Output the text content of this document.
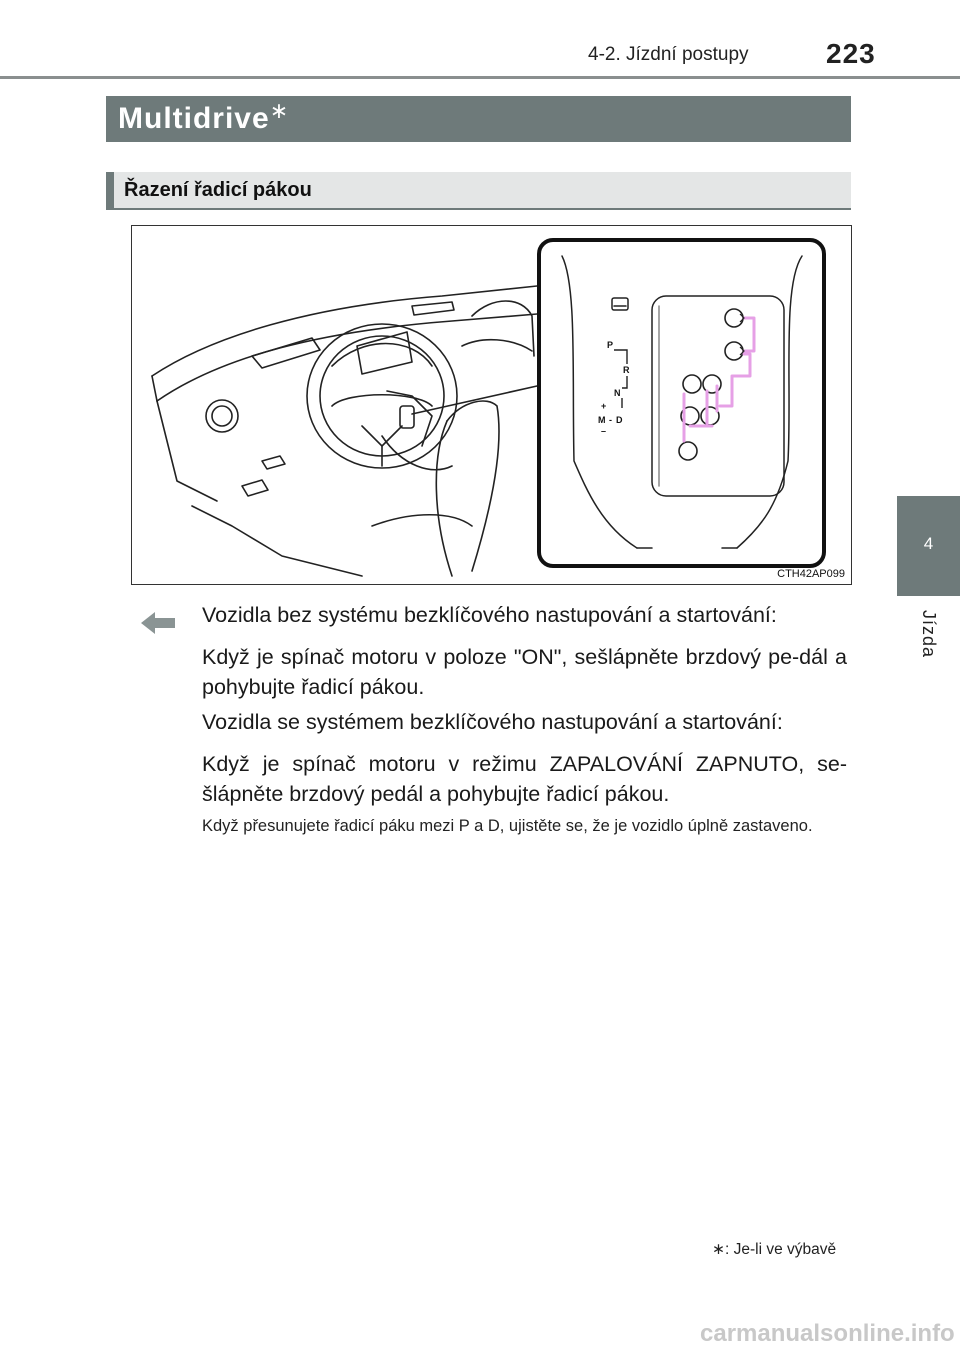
4-2. Jízdní postupy	223
Multidrive∗
Řazení řadicí pákou
P
R
N
+
M - D
–
CTH42AP099
4
Jízda
Vozidla bez systému bezklíčového nastupování a startování:
Když je spínač motoru v poloze "ON", sešlápněte brzdový pe-dál a pohybujte řadicí pákou.
Vozidla se systémem bezklíčového nastupování a startování:
Když je spínač motoru v režimu ZAPALOVÁNÍ ZAPNUTO, se-šlápněte brzdový pedál a pohybujte řadicí pákou.
Když přesunujete řadicí páku mezi P a D, ujistěte se, že je vozidlo úplně zastaveno.
∗: Je-li ve výbavě
carmanualsonline.info
